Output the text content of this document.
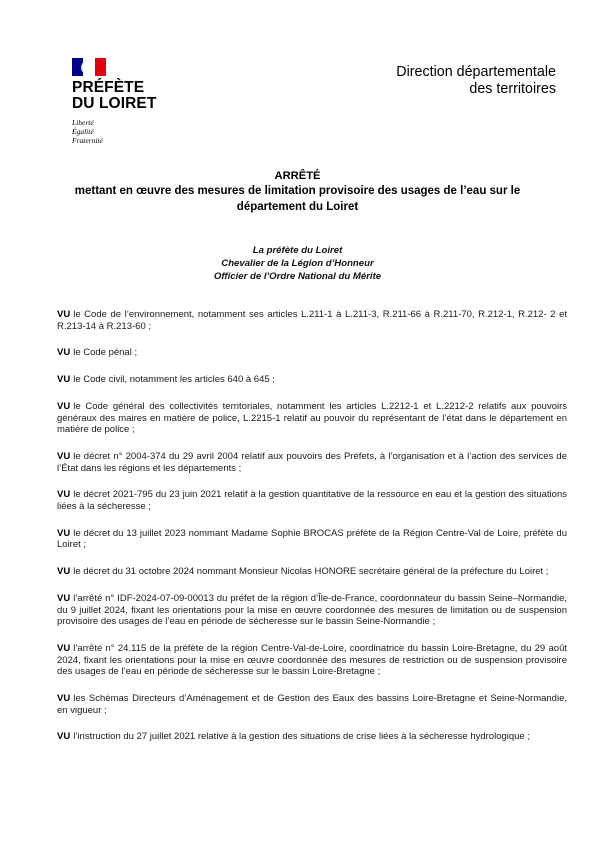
PRÉFÈTE
DU LOIRET
Liberté
Égalité
Fraternité
Direction départementale
des territoires
ARRÊTÉ
mettant en œuvre des mesures de limitation provisoire des usages de l’eau sur le département du Loiret
La préfète du Loiret
Chevalier de la Légion d’Honneur
Officier de l’Ordre National du Mérite

VU le Code de l’environnement, notamment ses articles L.211-1 à L.211-3, R.211-66 à R.211-70, R.212-1, R.212- 2 et R.213-14 à R.213-60 ;

VU le Code pénal ;

VU le Code civil, notamment les articles 640 à 645 ;

VU le Code général des collectivités territoriales, notamment les articles L.2212-1 et L.2212-2 relatifs aux pouvoirs généraux des maires en matière de police, L.2215-1 relatif au pouvoir du représentant de l’état dans le département en matière de police ;

VU le décret n° 2004-374 du 29 avril 2004 relatif aux pouvoirs des Préfets, à l’organisation et à l’action des services de l’État dans les régions et les départements ;

VU le décret 2021-795 du 23 juin 2021 relatif à la gestion quantitative de la ressource en eau et la gestion des situations liées à la sécheresse ;

VU le décret du 13 juillet 2023 nommant Madame Sophie BROCAS préfète de la Région Centre-Val de Loire, préfète du Loiret ;

VU le décret du 31 octobre 2024 nommant Monsieur Nicolas HONORE secrétaire général de la préfecture du Loiret ;

VU l’arrêté n° IDF-2024-07-09-00013 du préfet de la région d’Île-de-France, coordonnateur du bassin Seine–Normandie, du 9 juillet 2024, fixant les orientations pour la mise en œuvre coordonnée des mesures de limitation ou de suspension provisoire des usages de l’eau en période de sécheresse sur le bassin Seine-Normandie ;

VU l’arrêté n° 24.115 de la préfète de la région Centre-Val-de-Loire, coordinatrice du bassin Loire-Bretagne, du 29 août 2024, fixant les orientations pour la mise en œuvre coordonnée des mesures de restriction ou de suspension provisoire des usages de l’eau en période de sécheresse sur le bassin Loire-Bretagne ;

VU les Schémas Directeurs d’Aménagement et de Gestion des Eaux des bassins Loire-Bretagne et Seine-Normandie, en vigueur ;

VU l’instruction du 27 juillet 2021 relative à la gestion des situations de crise liées à la sécheresse hydrologique ;
